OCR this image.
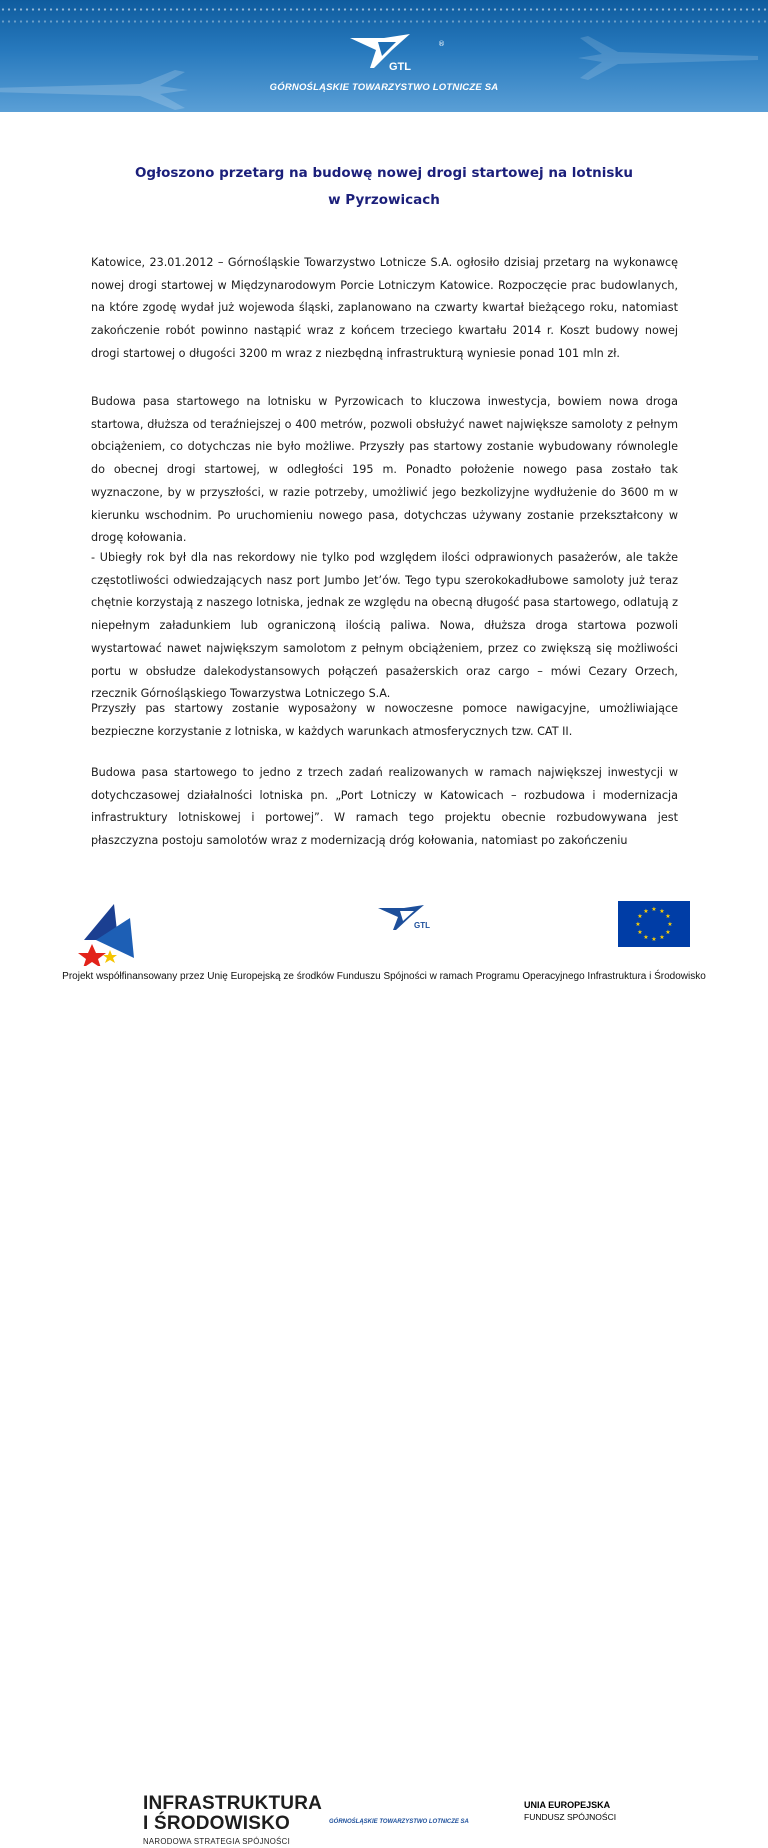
GTL
®
GÓRNOŚLĄSKIE TOWARZYSTWO LOTNICZE SA
Ogłoszono przetarg na budowę nowej drogi startowej na lotnisku
w Pyrzowicach

Katowice, 23.01.2012 – Górnośląskie Towarzystwo Lotnicze S.A. ogłosiło dzisiaj przetarg na wykonawcę nowej drogi startowej w Międzynarodowym Porcie Lotniczym Katowice. Rozpoczęcie prac budowlanych, na które zgodę wydał już wojewoda śląski, zaplanowano na czwarty kwartał bieżącego roku, natomiast zakończenie robót powinno nastąpić wraz z końcem trzeciego kwartału 2014 r. Koszt budowy nowej drogi startowej o długości 3200 m wraz z niezbędną infrastrukturą wyniesie ponad 101 mln zł.

Budowa pasa startowego na lotnisku w Pyrzowicach to kluczowa inwestycja, bowiem nowa droga startowa, dłuższa od teraźniejszej o 400 metrów, pozwoli obsłużyć nawet największe samoloty z pełnym obciążeniem, co dotychczas nie było możliwe. Przyszły pas startowy zostanie wybudowany równolegle do obecnej drogi startowej, w odległości 195 m. Ponadto położenie nowego pasa zostało tak wyznaczone, by w przyszłości, w razie potrzeby, umożliwić jego bezkolizyjne wydłużenie do 3600 m w kierunku wschodnim. Po uruchomieniu nowego pasa, dotychczas używany zostanie przekształcony w drogę kołowania.

- Ubiegły rok był dla nas rekordowy nie tylko pod względem ilości odprawionych pasażerów, ale także częstotliwości odwiedzających nasz port Jumbo Jet’ów. Tego typu szerokokadłubowe samoloty już teraz chętnie korzystają z naszego lotniska, jednak ze względu na obecną długość pasa startowego, odlatują z niepełnym załadunkiem lub ograniczoną ilością paliwa. Nowa, dłuższa droga startowa pozwoli wystartować nawet największym samolotom z pełnym obciążeniem, przez co zwiększą się możliwości portu w obsłudze dalekodystansowych połączeń pasażerskich oraz cargo – mówi Cezary Orzech, rzecznik Górnośląskiego Towarzystwa Lotniczego S.A.

Przyszły pas startowy zostanie wyposażony w nowoczesne pomoce nawigacyjne, umożliwiające bezpieczne korzystanie z lotniska, w każdych warunkach atmosferycznych tzw. CAT II.

Budowa pasa startowego to jedno z trzech zadań realizowanych w ramach największej inwestycji w dotychczasowej działalności lotniska pn. „Port Lotniczy w Katowicach – rozbudowa i modernizacja infrastruktury lotniskowej i portowej”. W ramach tego projektu obecnie rozbudowywana jest płaszczyzna postoju samolotów wraz z modernizacją dróg kołowania, natomiast po zakończeniu

INFRASTRUKTURA
I ŚRODOWISKO
NARODOWA STRATEGIA SPÓJNOŚCI
GTL
GÓRNOŚLĄSKIE TOWARZYSTWO LOTNICZE SA
UNIA EUROPEJSKA
FUNDUSZ SPÓJNOŚCI
★ ★
★
★
★
★
★
★
★
★
★
★
Projekt współfinansowany przez Unię Europejską ze środków Funduszu Spójności w ramach Programu Operacyjnego Infrastruktura i Środowisko
